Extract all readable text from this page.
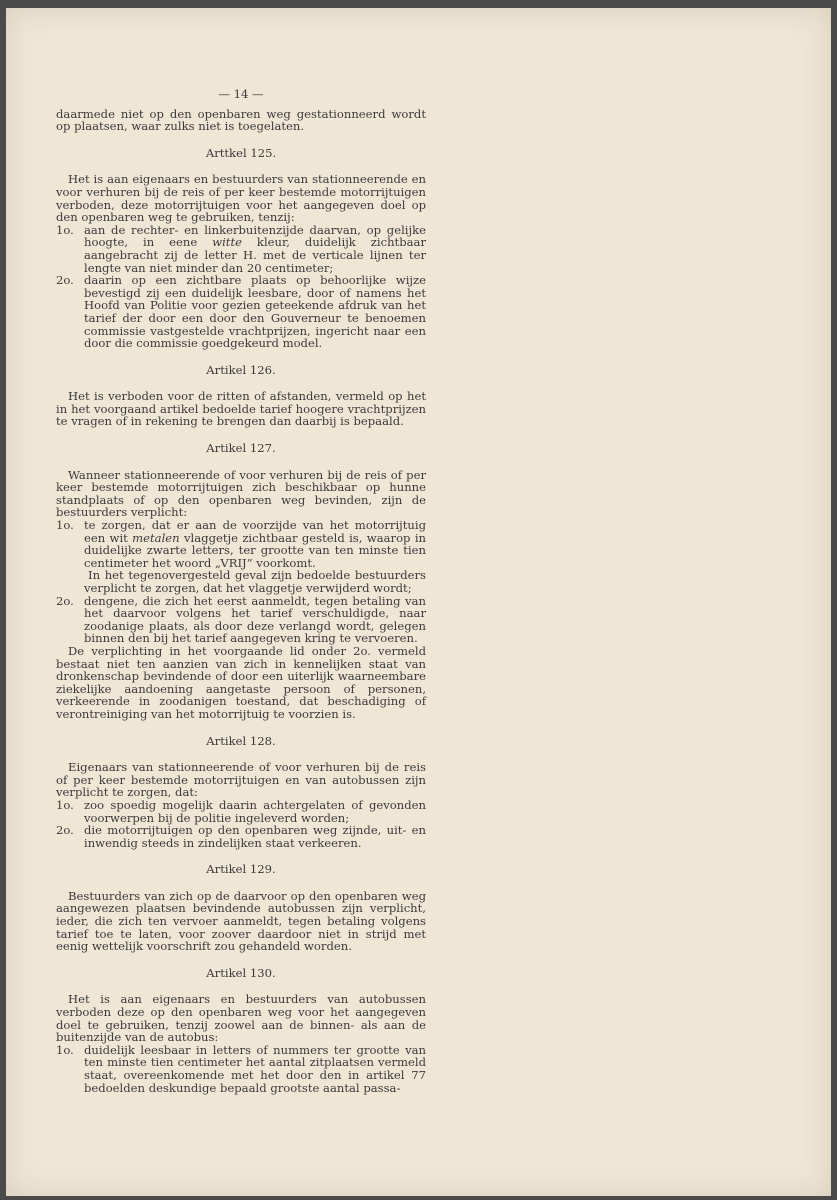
— 14 —

daarmede niet op den openbaren weg gestationneerd wordt op plaatsen, waar zulks niet is toegelaten.

Arttkel 125.

Het is aan eigenaars en bestuurders van stationneerende en voor verhuren bij de reis of per keer bestemde motorrijtuigen verboden, deze motorrijtuigen voor het aangegeven doel op den openbaren weg te gebruiken, tenzij:

1o. aan de rechter- en linkerbuitenzijde daarvan, op gelijke hoogte, in eene witte kleur, duidelijk zichtbaar aangebracht zij de letter H. met de verticale lijnen ter lengte van niet minder dan 20 centimeter;
2o. daarin op een zichtbare plaats op behoorlijke wijze bevestigd zij een duidelijk leesbare, door of namens het Hoofd van Politie voor gezien geteekende afdruk van het tarief der door een door den Gouverneur te benoemen commissie vastgestelde vrachtprijzen, ingericht naar een door die commissie goedgekeurd model.
Artikel 126.

Het is verboden voor de ritten of afstanden, vermeld op het in het voorgaand artikel bedoelde tarief hoogere vrachtprijzen te vragen of in rekening te brengen dan daarbij is bepaald.

Artikel 127.

Wanneer stationneerende of voor verhuren bij de reis of per keer bestemde motorrijtuigen zich beschikbaar op hunne standplaats of op den openbaren weg bevinden, zijn de bestuurders verplicht:

1o. te zorgen, dat er aan de voorzijde van het motorrijtuig een wit metalen vlaggetje zichtbaar gesteld is, waarop in duidelijke zwarte letters, ter grootte van ten minste tien centimeter het woord „VRIJ” voorkomt.

In het tegenovergesteld geval zijn bedoelde bestuurders verplicht te zorgen, dat het vlaggetje verwijderd wordt;

2o. dengene, die zich het eerst aanmeldt, tegen betaling van het daarvoor volgens het tarief verschuldigde, naar zoodanige plaats, als door deze verlangd wordt, gelegen binnen den bij het tarief aangegeven kring te vervoeren.

De verplichting in het voorgaande lid onder 2o. vermeld bestaat niet ten aanzien van zich in kennelijken staat van dronkenschap bevindende of door een uiterlijk waarneembare ziekelijke aandoening aangetaste persoon of personen, verkeerende in zoodanigen toestand, dat beschadiging of verontreiniging van het motorrijtuig te voorzien is.

Artikel 128.

Eigenaars van stationneerende of voor verhuren bij de reis of per keer bestemde motorrijtuigen en van autobussen zijn verplicht te zorgen, dat:

1o. zoo spoedig mogelijk daarin achtergelaten of gevonden voorwerpen bij de politie ingeleverd worden;
2o. die motorrijtuigen op den openbaren weg zijnde, uit- en inwendig steeds in zindelijken staat verkeeren.
Artikel 129.

Bestuurders van zich op de daarvoor op den openbaren weg aangewezen plaatsen bevindende autobussen zijn verplicht, ieder, die zich ten vervoer aanmeldt, tegen betaling volgens tarief toe te laten, voor zoover daardoor niet in strijd met eenig wettelijk voorschrift zou gehandeld worden.

Artikel 130.

Het is aan eigenaars en bestuurders van autobussen verboden deze op den openbaren weg voor het aangegeven doel te gebruiken, tenzij zoowel aan de binnen- als aan de buitenzijde van de autobus:

1o. duidelijk leesbaar in letters of nummers ter grootte van ten minste tien centimeter het aantal zitplaatsen vermeld staat, overeenkomende met het door den in artikel 77 bedoelden deskundige bepaald grootste aantal passa-
